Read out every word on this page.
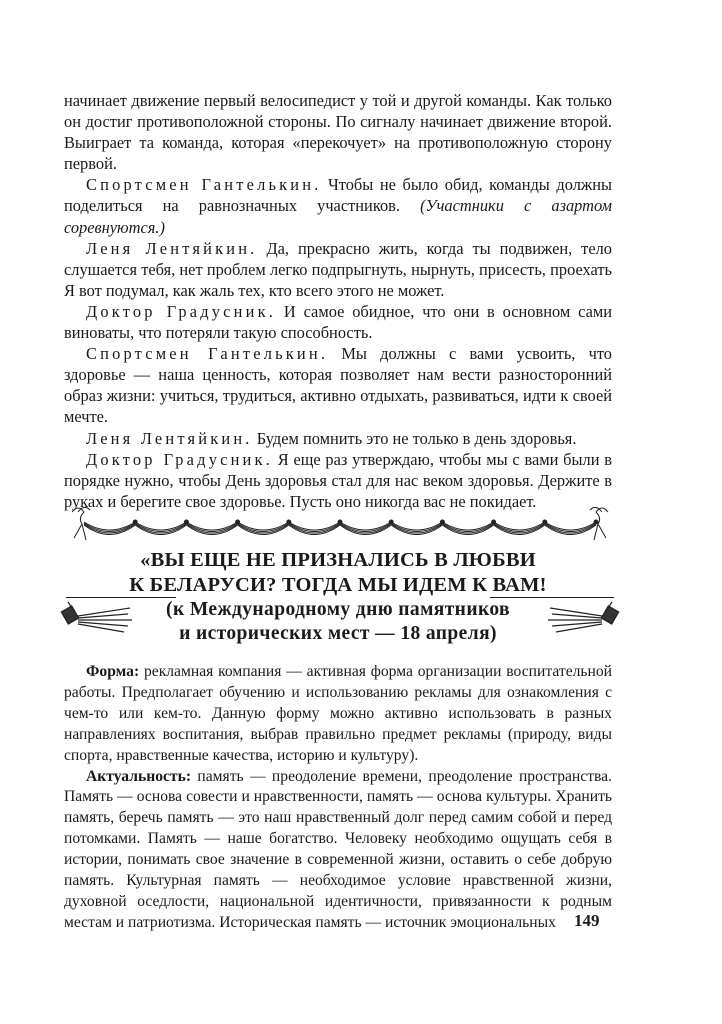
начинает движение первый велосипедист у той и другой команды. Как только он достиг противоположной стороны. По сигналу начинает движение второй. Выиграет та команда, которая «перекочует» на противоположную сторону первой.

Спортсмен Гантелькин. Чтобы не было обид, команды должны поделиться на равнозначных участников. (Участники с азартом соревнуются.)

Леня Лентяйкин. Да, прекрасно жить, когда ты подвижен, тело слушается тебя, нет проблем легко подпрыгнуть, нырнуть, присесть, проехать Я вот подумал, как жаль тех, кто всего этого не может.

Доктор Градусник. И самое обидное, что они в основном сами виноваты, что потеряли такую способность.

Спортсмен Гантелькин. Мы должны с вами усвоить, что здоровье — наша ценность, которая позволяет нам вести разносторонний образ жизни: учиться, трудиться, активно отдыхать, развиваться, идти к своей мечте.

Леня Лентяйкин. Будем помнить это не только в день здоровья.

Доктор Градусник. Я еще раз утверждаю, чтобы мы с вами были в порядке нужно, чтобы День здоровья стал для нас веком здоровья. Держите в руках и берегите свое здоровье. Пусть оно никогда вас не покидает.

«ВЫ ЕЩЕ НЕ ПРИЗНАЛИСЬ В ЛЮБВИ
К БЕЛАРУСИ? ТОГДА МЫ ИДЕМ К ВАМ!
(к Международному дню памятников
и исторических мест — 18 апреля)

Форма: рекламная компания — активная форма организации воспитательной работы. Предполагает обучению и использованию рекламы для ознакомления с чем-то или кем-то. Данную форму можно активно использовать в разных направлениях воспитания, выбрав правильно предмет рекламы (природу, виды спорта, нравственные качества, историю и культуру).

Актуальность: память — преодоление времени, преодоление пространства. Память — основа совести и нравственности, память — основа культуры. Хранить память, беречь память — это наш нравственный долг перед самим собой и перед потомками. Память — наше богатство. Человеку необходимо ощущать себя в истории, понимать свое значение в современной жизни, оставить о себе добрую память. Культурная память — необходимое условие нравственной жизни, духовной оседлости, национальной идентичности, привязанности к родным местам и патриотизма. Историческая память — источник эмоциональных	149
